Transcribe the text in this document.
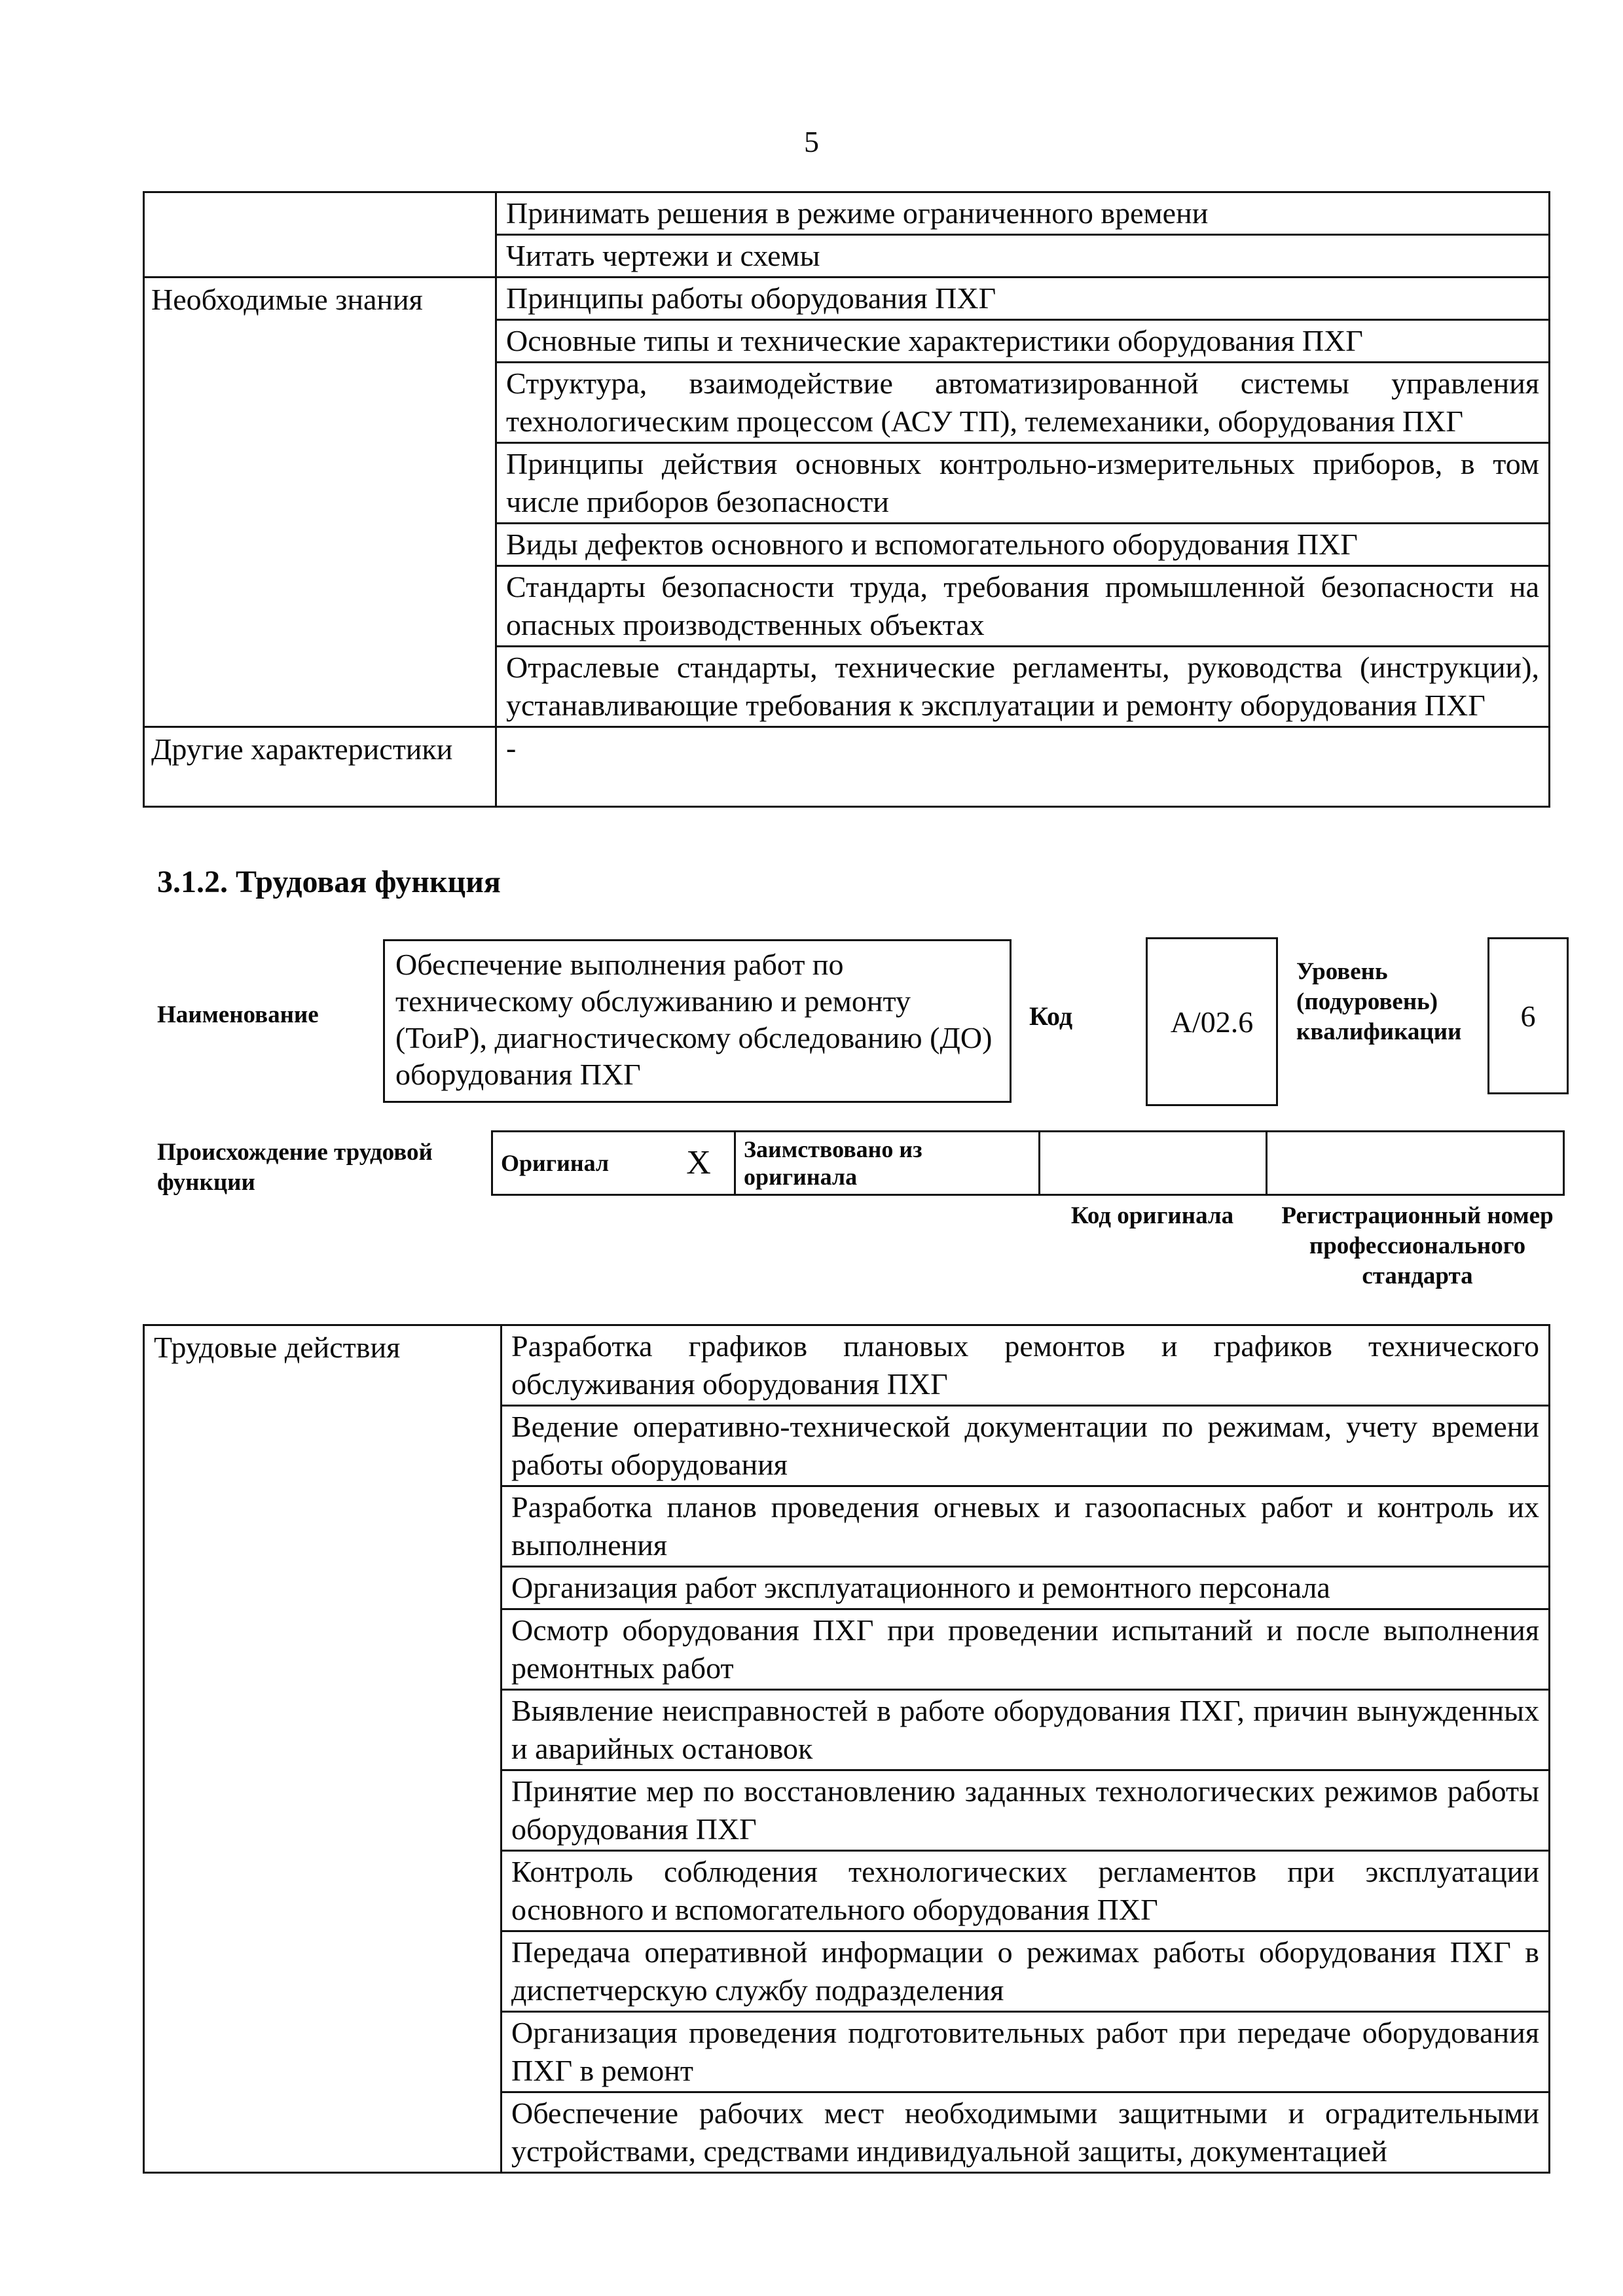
5
	Принимать решения в режиме ограниченного времени
	Читать чертежи и схемы
Необходимые знания	Принципы работы оборудования ПХГ
	Основные типы и технические характеристики оборудования ПХГ
	Структура, взаимодействие автоматизированной системы управления технологическим процессом (АСУ ТП), телемеханики, оборудования ПХГ
	Принципы действия основных контрольно-измерительных приборов, в том числе приборов безопасности
	Виды дефектов основного и вспомогательного оборудования ПХГ
	Стандарты безопасности труда, требования промышленной безопасности на опасных производственных объектах
	Отраслевые стандарты, технические регламенты, руководства (инструкции), устанавливающие требования к эксплуатации и ремонту оборудования ПХГ
Другие характеристики	-
3.1.2. Трудовая функция
Наименование
Обеспечение выполнения работ по техническому обслуживанию и ремонту (ТоиР), диагностическому обследованию (ДО) оборудования ПХГ
Код	А/02.6
Уровень (подуровень) квалификации	6
Происхождение трудовой функции
Оригинал	X	Заимствовано из оригинала		
Код оригинала	Регистрационный номер профессионального стандарта
Трудовые действия	Разработка графиков плановых ремонтов и графиков технического обслуживания оборудования ПХГ
Ведение оперативно-технической документации по режимам, учету времени работы оборудования
Разработка планов проведения огневых и газоопасных работ и контроль их выполнения
Организация работ эксплуатационного и ремонтного персонала
Осмотр оборудования ПХГ при проведении испытаний и после выполнения ремонтных работ
Выявление неисправностей в работе оборудования ПХГ, причин вынужденных и аварийных остановок
Принятие мер по восстановлению заданных технологических режимов работы оборудования ПХГ
Контроль соблюдения технологических регламентов при эксплуатации основного и вспомогательного оборудования ПХГ
Передача оперативной информации о режимах работы оборудования ПХГ в диспетчерскую службу подразделения
Организация проведения подготовительных работ при передаче оборудования ПХГ в ремонт
Обеспечение рабочих мест необходимыми защитными и оградительными устройствами, средствами индивидуальной защиты, документацией
